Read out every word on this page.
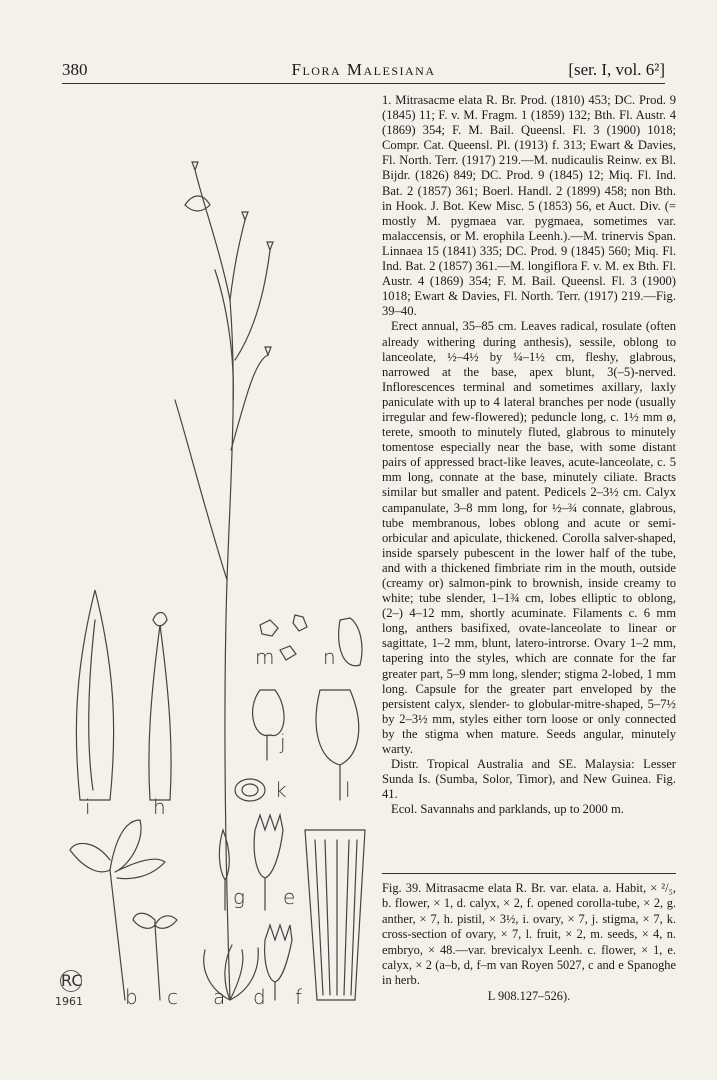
380	Flora Malesiana	[ser. I, vol. 6²]

1. Mitrasacme elata R. Br. Prod. (1810) 453; DC. Prod. 9 (1845) 11; F. v. M. Fragm. 1 (1859) 132; Bth. Fl. Austr. 4 (1869) 354; F. M. Bail. Queensl. Fl. 3 (1900) 1018; Compr. Cat. Queensl. Pl. (1913) f. 313; Ewart & Davies, Fl. North. Terr. (1917) 219.—M. nudicaulis Reinw. ex Bl. Bijdr. (1826) 849; DC. Prod. 9 (1845) 12; Miq. Fl. Ind. Bat. 2 (1857) 361; Boerl. Handl. 2 (1899) 458; non Bth. in Hook. J. Bot. Kew Misc. 5 (1853) 56, et Auct. Div. (= mostly M. pygmaea var. pygmaea, sometimes var. malaccensis, or M. erophila Leenh.).—M. trinervis Span. Linnaea 15 (1841) 335; DC. Prod. 9 (1845) 560; Miq. Fl. Ind. Bat. 2 (1857) 361.—M. longiflora F. v. M. ex Bth. Fl. Austr. 4 (1869) 354; F. M. Bail. Queensl. Fl. 3 (1900) 1018; Ewart & Davies, Fl. North. Terr. (1917) 219.—Fig. 39–40.

Erect annual, 35–85 cm. Leaves radical, rosulate (often already withering during anthesis), sessile, oblong to lanceolate, ½–4½ by ¼–1½ cm, fleshy, glabrous, narrowed at the base, apex blunt, 3(–5)-nerved. Inflorescences terminal and sometimes axillary, laxly paniculate with up to 4 lateral branches per node (usually irregular and few-flowered); peduncle long, c. 1½ mm ø, terete, smooth to minutely fluted, glabrous to minutely tomentose especially near the base, with some distant pairs of appressed bract-like leaves, acute-lanceolate, c. 5 mm long, connate at the base, minutely ciliate. Bracts similar but smaller and patent. Pedicels 2–3½ cm. Calyx campanulate, 3–8 mm long, for ½–¾ connate, glabrous, tube membranous, lobes oblong and acute or semi-orbicular and apiculate, thickened. Corolla salver-shaped, inside sparsely pubescent in the lower half of the tube, and with a thickened fimbriate rim in the mouth, outside (creamy or) salmon-pink to brownish, inside creamy to white; tube slender, 1–1¾ cm, lobes elliptic to oblong, (2–) 4–12 mm, shortly acuminate. Filaments c. 6 mm long, anthers basifixed, ovate-lanceolate to linear or sagittate, 1–2 mm, blunt, latero-introrse. Ovary 1–2 mm, tapering into the styles, which are connate for the far greater part, 5–9 mm long, slender; stigma 2-lobed, 1 mm long. Capsule for the greater part enveloped by the persistent calyx, slender- to globular-mitre-shaped, 5–7½ by 2–3½ mm, styles either torn loose or only connected by the stigma when mature. Seeds angular, minutely warty.

Distr. Tropical Australia and SE. Malaysia: Lesser Sunda Is. (Sumba, Solor, Timor), and New Guinea. Fig. 41.

Ecol. Savannahs and parklands, up to 2000 m.

Fig. 39. Mitrasacme elata R. Br. var. elata. a. Habit, × ²/₅, b. flower, × 1, d. calyx, × 2, f. opened corolla-tube, × 2, g. anther, × 7, h. pistil, × 3½, i. ovary, × 7, j. stigma, × 7, k. cross-section of ovary, × 7, l. fruit, × 2, m. seeds, × 4, n. embryo, × 48.—var. brevicalyx Leenh. c. flower, × 1, e. calyx, × 2 (a–b, d, f–m van Royen 5027, c and e Spanoghe in herb.
L 908.127–526).
m n
j
k	l
i	h
g e
b c a d f
RC
1961
